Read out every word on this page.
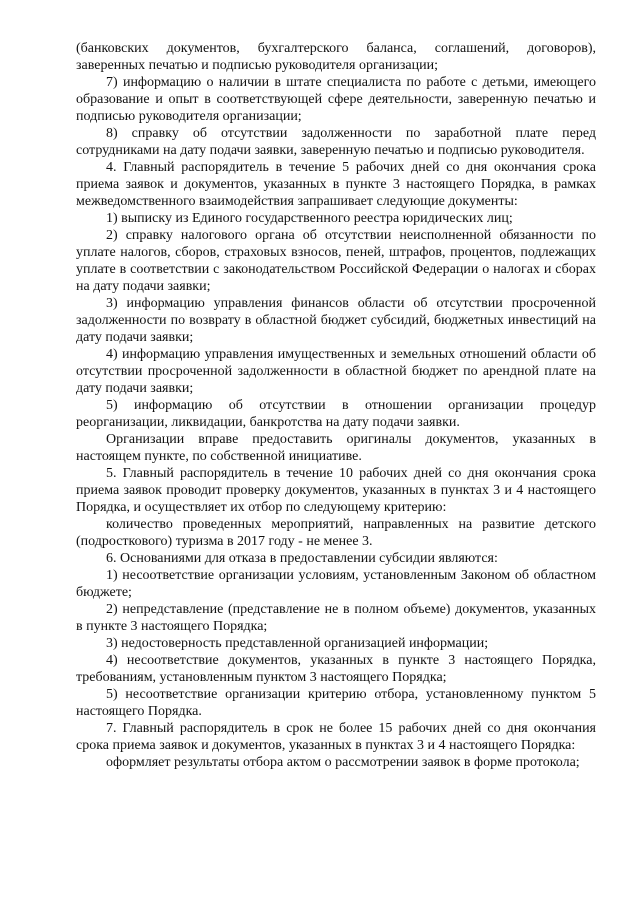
(банковских документов, бухгалтерского баланса, соглашений, договоров), заверенных печатью и подписью руководителя организации;

7) информацию о наличии в штате специалиста по работе с детьми, имеющего образование и опыт в соответствующей сфере деятельности, заверенную печатью и подписью руководителя организации;

8) справку об отсутствии задолженности по заработной плате перед сотрудниками на дату подачи заявки, заверенную печатью и подписью руководителя.

4. Главный распорядитель в течение 5 рабочих дней со дня окончания срока приема заявок и документов, указанных в пункте 3 настоящего Порядка, в рамках межведомственного взаимодействия запрашивает следующие документы:

1) выписку из Единого государственного реестра юридических лиц;

2) справку налогового органа об отсутствии неисполненной обязанности по уплате налогов, сборов, страховых взносов, пеней, штрафов, процентов, подлежащих уплате в соответствии с законодательством Российской Федерации о налогах и сборах на дату подачи заявки;

3) информацию управления финансов области об отсутствии просроченной задолженности по возврату в областной бюджет субсидий, бюджетных инвестиций на дату подачи заявки;

4) информацию управления имущественных и земельных отношений области об отсутствии просроченной задолженности в областной бюджет по арендной плате на дату подачи заявки;

5) информацию об отсутствии в отношении организации процедур реорганизации, ликвидации, банкротства на дату подачи заявки.

Организации вправе предоставить оригиналы документов, указанных в настоящем пункте, по собственной инициативе.

5. Главный распорядитель в течение 10 рабочих дней со дня окончания срока приема заявок проводит проверку документов, указанных в пунктах 3 и 4 настоящего Порядка, и осуществляет их отбор по следующему критерию:

количество проведенных мероприятий, направленных на развитие детского (подросткового) туризма в 2017 году - не менее 3.

6. Основаниями для отказа в предоставлении субсидии являются:

1) несоответствие организации условиям, установленным Законом об областном бюджете;

2) непредставление (представление не в полном объеме) документов, указанных в пункте 3 настоящего Порядка;

3) недостоверность представленной организацией информации;

4) несоответствие документов, указанных в пункте 3 настоящего Порядка, требованиям, установленным пунктом 3 настоящего Порядка;

5) несоответствие организации критерию отбора, установленному пунктом 5 настоящего Порядка.

7. Главный распорядитель в срок не более 15 рабочих дней со дня окончания срока приема заявок и документов, указанных в пунктах 3 и 4 настоящего Порядка:

оформляет результаты отбора актом о рассмотрении заявок в форме протокола;
